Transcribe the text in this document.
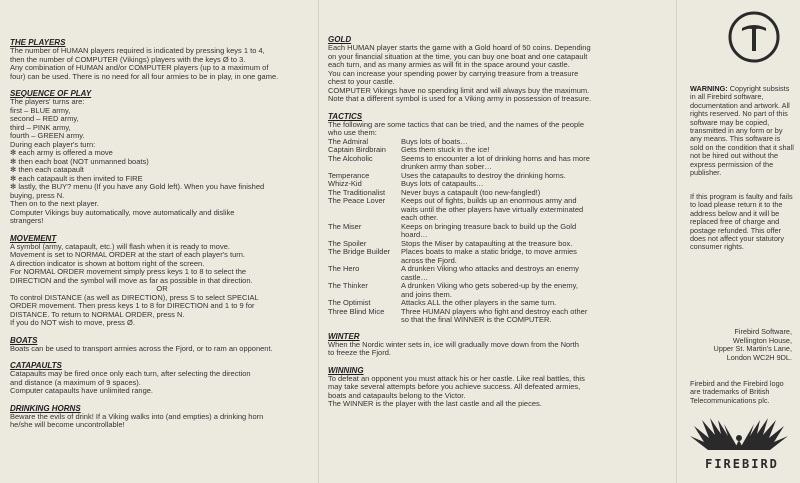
THE PLAYERS

The number of HUMAN players required is indicated by pressing keys 1 to 4,
then the number of COMPUTER (Vikings) players with the keys Ø to 3.
Any combination of HUMAN and/or COMPUTER players (up to a maximum of
four) can be used. There is no need for all four armies to be in play, in one game.

SEQUENCE OF PLAY

The players' turns are:
first – BLUE army,
second – RED army,
third – PINK army,
fourth – GREEN army.
During each player's turn:
✻ each army is offered a move
✻ then each boat (NOT unmanned boats)
✻ then each catapault
✻ each catapault is then invited to FIRE
✻ lastly, the BUY? menu (If you have any Gold left). When you have finished
buying, press N.
Then on to the next player.
Computer Vikings buy automatically, move automatically and dislike
strangers!

MOVEMENT

A symbol (army, catapault, etc.) will flash when it is ready to move.
Movement is set to NORMAL ORDER at the start of each player's turn.
A direction indicator is shown at bottom right of the screen.
For NORMAL ORDER movement simply press keys 1 to 8 to select the
DIRECTION and the symbol will move as far as possible in that direction.

OR

To control DISTANCE (as well as DIRECTION), press S to select SPECIAL
ORDER movement. Then press keys 1 to 8 for DIRECTION and 1 to 9 for
DISTANCE. To return to NORMAL ORDER, press N.
If you do NOT wish to move, press Ø.

BOATS

Boats can be used to transport armies across the Fjord, or to ram an opponent.

CATAPAULTS

Catapaults may be fired once only each turn, after selecting the direction
and distance (a maximum of 9 spaces).
Computer catapaults have unlimited range.

DRINKING HORNS

Beware the evils of drink! If a Viking walks into (and empties) a drinking horn
he/she will become uncontrollable!

GOLD

Each HUMAN player starts the game with a Gold hoard of 50 coins. Depending
on your financial situation at the time, you can buy one boat and one catapault
each turn, and as many armies as will fit in the space around your castle.
You can increase your spending power by carrying treasure from a treasure
chest to your castle.
COMPUTER Vikings have no spending limit and will always buy the maximum.
Note that a different symbol is used for a Viking army in possession of treasure.

TACTICS

The following are some tactics that can be tried, and the names of the people
who use them:

The Admiral	Buys lots of boats…
Captain Birdbrain	Gets them stuck in the ice!
The Alcoholic	Seems to encounter a lot of drinking horns and has more
drunken army than sober…
Temperance	Uses the catapaults to destroy the drinking horns.
Whizz-Kid	Buys lots of catapaults…
The Traditionalist	Never buys a catapault (too new-fangled!)
The Peace Lover	Keeps out of fights, builds up an enormous army and
waits until the other players have virtually exterminated
each other.
The Miser	Keeps on bringing treasure back to build up the Gold
hoard…
The Spoiler	Stops the Miser by catapaulting at the treasure box.
The Bridge Builder	Places boats to make a static bridge, to move armies
across the Fjord.
The Hero	A drunken Viking who attacks and destroys an enemy
castle…
The Thinker	A drunken Viking who gets sobered-up by the enemy,
and joins them.
The Optimist	Attacks ALL the other players in the same turn.
Three Blind Mice	Three HUMAN players who fight and destroy each other
so that the final WINNER is the COMPUTER.
WINTER

When the Nordic winter sets in, ice will gradually move down from the North
to freeze the Fjord.

WINNING

To defeat an opponent you must attack his or her castle. Like real battles, this
may take several attempts before you achieve success. All defeated armies,
boats and catapaults belong to the Victor.
The WINNER is the player with the last castle and all the pieces.

WARNING: Copyright subsists in all Firebird software, documentation and artwork. All rights reserved. No part of this software may be copied, transmitted in any form or by any means. This software is sold on the condition that it shall not be hired out without the express permission of the publisher.
If this program is faulty and fails to load please return it to the address below and it will be replaced free of charge and postage refunded. This offer does not affect your statutory consumer rights.
Firebird Software,
Wellington House,
Upper St. Martin's Lane,
London WC2H 9DL.
Firebird and the Firebird logo are trademarks of British Telecommunications plc.
FIREBIRD
